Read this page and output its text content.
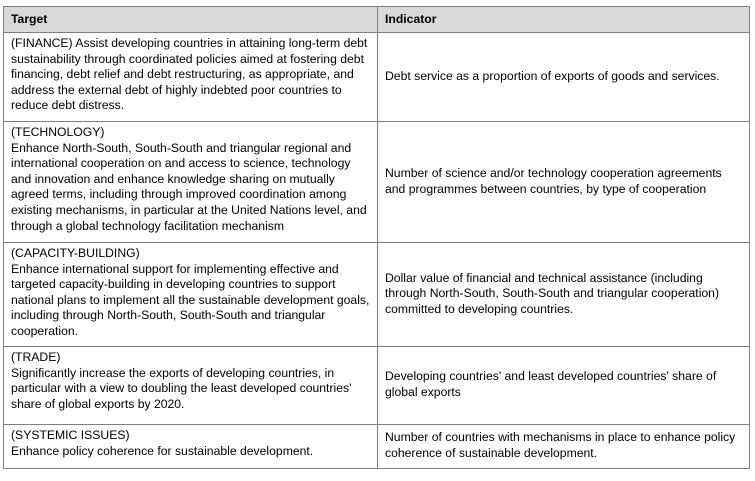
Target	Indicator

(FINANCE) Assist developing countries in attaining long-term debt sustainability through coordinated policies aimed at fostering debt financing, debt relief and debt restructuring, as appropriate, and address the external debt of highly indebted poor countries to reduce debt distress.	Debt service as a proportion of exports of goods and services.

(TECHNOLOGY)
Enhance North-South, South-South and triangular regional and international cooperation on and access to science, technology and innovation and enhance knowledge sharing on mutually agreed terms, including through improved coordination among existing mechanisms, in particular at the United Nations level, and through a global technology facilitation mechanism	Number of science and/or technology cooperation agreements and programmes between countries, by type of cooperation

(CAPACITY-BUILDING)
Enhance international support for implementing effective and targeted capacity-building in developing countries to support national plans to implement all the sustainable development goals, including through North-South, South-South and triangular cooperation.	Dollar value of financial and technical assistance (including through North-South, South-South and triangular cooperation) committed to developing countries.

(TRADE)
Significantly increase the exports of developing countries, in particular with a view to doubling the least developed countries' share of global exports by 2020.	Developing countries' and least developed countries' share of global exports

(SYSTEMIC ISSUES)
Enhance policy coherence for sustainable development.	Number of countries with mechanisms in place to enhance policy coherence of sustainable development.
